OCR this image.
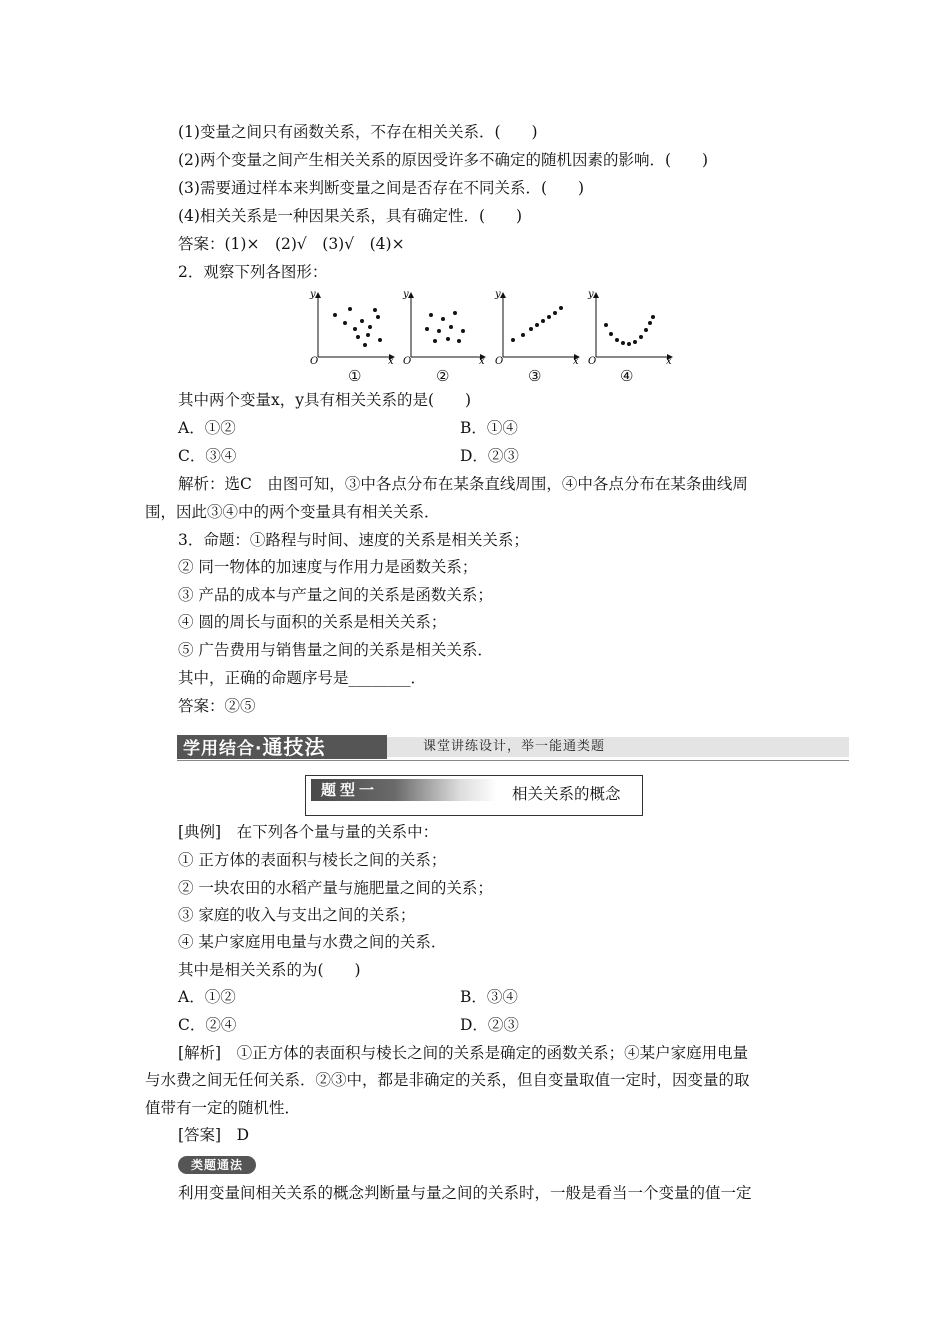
(1)变量之间只有函数关系，不存在相关关系．(　　)
(2)两个变量之间产生相关关系的原因受许多不确定的随机因素的影响．(　　)
(3)需要通过样本来判断变量之间是否存在不同关系．(　　)
(4)相关关系是一种因果关系，具有确定性．(　　)
答案：(1)×　(2)√　(3)√　(4)×
2．观察下列各图形：
y
x
O
y
x
O
y
x
O
y
x
O
①	②	③	④
其中两个变量x，y具有相关关系的是(　　)
A．①②	B．①④
C．③④	D．②③
解析：选C　由图可知，③中各点分布在某条直线周围，④中各点分布在某条曲线周
围，因此③④中的两个变量具有相关关系．
3．命题：①路程与时间、速度的关系是相关关系；
② 同一物体的加速度与作用力是函数关系；
③ 产品的成本与产量之间的关系是函数关系；
④ 圆的周长与面积的关系是相关关系；
⑤ 广告费用与销售量之间的关系是相关关系．
其中，正确的命题序号是________．
答案：②⑤
学用结合·通技法	课堂讲练设计，举一能通类题
题型一	相关关系的概念
[典例]　在下列各个量与量的关系中：
① 正方体的表面积与棱长之间的关系；
② 一块农田的水稻产量与施肥量之间的关系；
③ 家庭的收入与支出之间的关系；
④ 某户家庭用电量与水费之间的关系．
其中是相关关系的为(　　)
A．①②	B．③④
C．②④	D．②③
[解析]　①正方体的表面积与棱长之间的关系是确定的函数关系；④某户家庭用电量
与水费之间无任何关系．②③中，都是非确定的关系，但自变量取值一定时，因变量的取
值带有一定的随机性．
[答案]　D
类题通法
利用变量间相关关系的概念判断量与量之间的关系时，一般是看当一个变量的值一定
